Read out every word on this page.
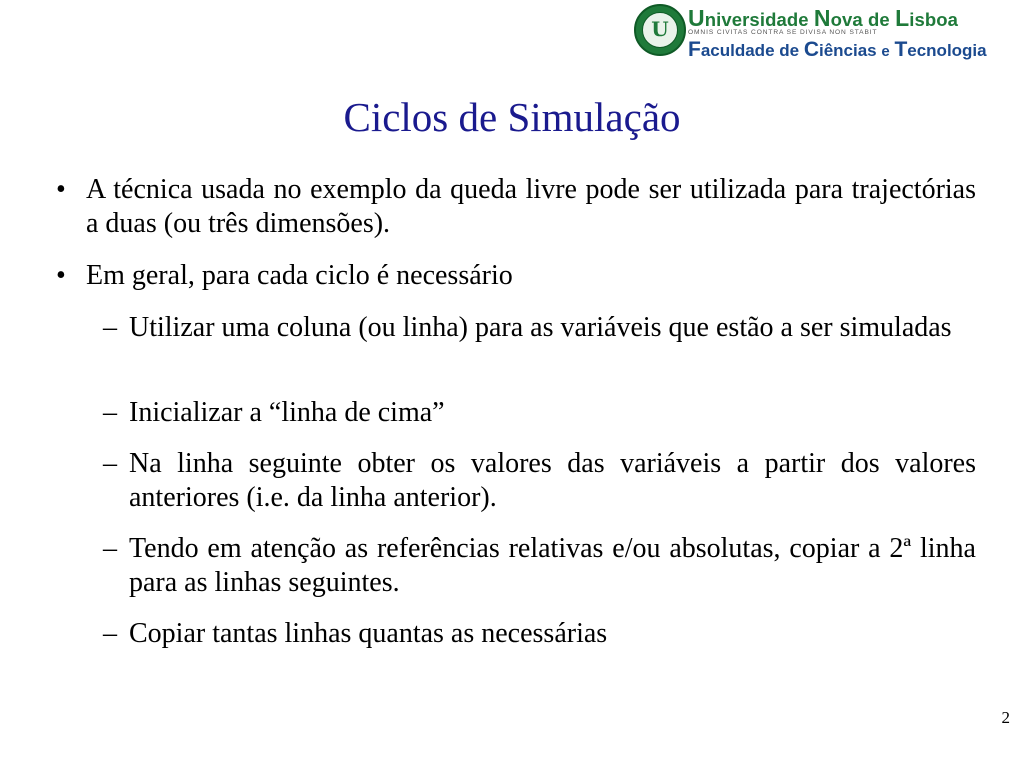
U Universidade Nova de Lisboa
OMNIS CIVITAS CONTRA SE DIVISA NON STABIT
Faculdade de Ciências e Tecnologia
Ciclos de Simulação
• A técnica usada no exemplo da queda livre pode ser utilizada para trajectórias a duas (ou três dimensões).
• Em geral, para cada ciclo é necessário
– Utilizar uma coluna (ou linha) para as variáveis que estão a ser simuladas
– Inicializar a “linha de cima”
– Na linha seguinte obter os valores das variáveis a partir dos valores anteriores (i.e. da linha anterior).
– Tendo em atenção as referências relativas e/ou absolutas, copiar a 2ª linha para as linhas seguintes.
– Copiar tantas linhas quantas as necessárias
2
